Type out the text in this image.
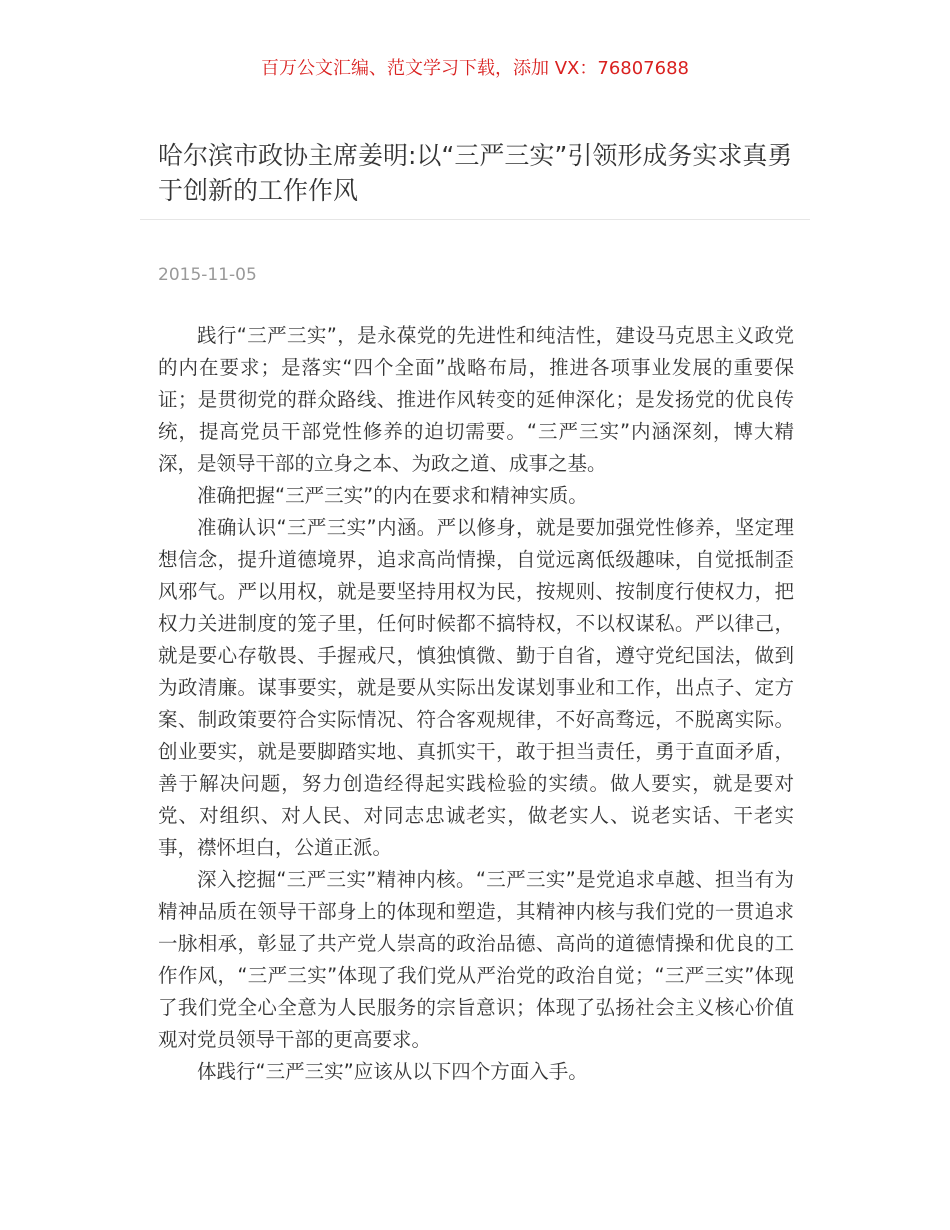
百万公文汇编、范文学习下载，添加 VX：76807688
哈尔滨市政协主席姜明:以“三严三实”引领形成务实求真勇于创新的工作作风
2015-11-05

践行“三严三实”，是永葆党的先进性和纯洁性，建设马克思主义政党的内在要求；是落实“四个全面”战略布局，推进各项事业发展的重要保证；是贯彻党的群众路线、推进作风转变的延伸深化；是发扬党的优良传统，提高党员干部党性修养的迫切需要。“三严三实”内涵深刻，博大精深，是领导干部的立身之本、为政之道、成事之基。

准确把握“三严三实”的内在要求和精神实质。

准确认识“三严三实”内涵。严以修身，就是要加强党性修养，坚定理想信念，提升道德境界，追求高尚情操，自觉远离低级趣味，自觉抵制歪风邪气。严以用权，就是要坚持用权为民，按规则、按制度行使权力，把权力关进制度的笼子里，任何时候都不搞特权，不以权谋私。严以律己，就是要心存敬畏、手握戒尺，慎独慎微、勤于自省，遵守党纪国法，做到为政清廉。谋事要实，就是要从实际出发谋划事业和工作，出点子、定方案、制政策要符合实际情况、符合客观规律，不好高骛远，不脱离实际。创业要实，就是要脚踏实地、真抓实干，敢于担当责任，勇于直面矛盾，善于解决问题，努力创造经得起实践检验的实绩。做人要实，就是要对党、对组织、对人民、对同志忠诚老实，做老实人、说老实话、干老实事，襟怀坦白，公道正派。

深入挖掘“三严三实”精神内核。“三严三实”是党追求卓越、担当有为精神品质在领导干部身上的体现和塑造，其精神内核与我们党的一贯追求一脉相承，彰显了共产党人崇高的政治品德、高尚的道德情操和优良的工作作风，“三严三实”体现了我们党从严治党的政治自觉；“三严三实”体现了我们党全心全意为人民服务的宗旨意识；体现了弘扬社会主义核心价值观对党员领导干部的更高要求。

体践行“三严三实”应该从以下四个方面入手。
